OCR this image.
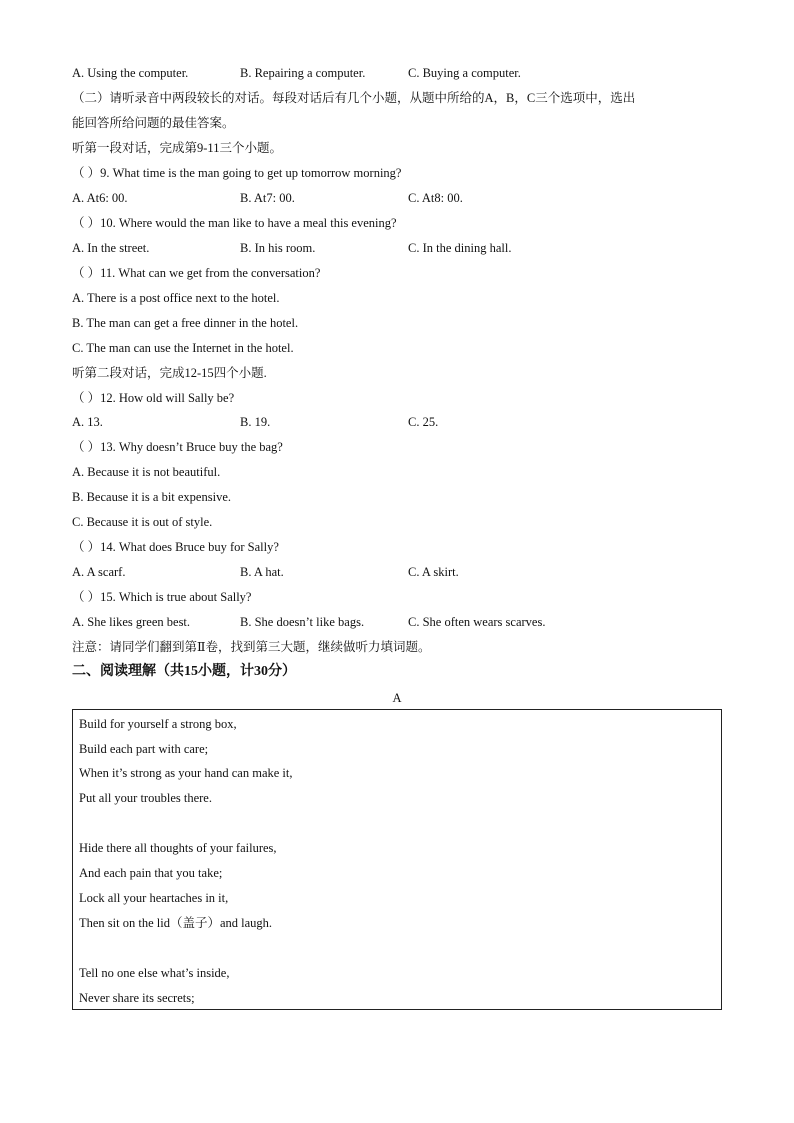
A. Using the computer.	B. Repairing a computer.	C. Buying a computer.
（二）请听录音中两段较长的对话。每段对话后有几个小题，从题中所给的A，B，C三个选项中，选出
能回答所给问题的最佳答案。
听第一段对话，完成第9-11三个小题。
（ ）9. What time is the man going to get up tomorrow morning?
A. At6: 00.	B. At7: 00.	C. At8: 00.
（ ）10. Where would the man like to have a meal this evening?
A. In the street.	B. In his room.	C. In the dining hall.
（ ）11. What can we get from the conversation?
A. There is a post office next to the hotel.
B. The man can get a free dinner in the hotel.
C. The man can use the Internet in the hotel.
听第二段对话，完成12-15四个小题.
（ ）12. How old will Sally be?
A. 13.	B. 19.	C. 25.
（ ）13. Why doesn’t Bruce buy the bag?
A. Because it is not beautiful.
B. Because it is a bit expensive.
C. Because it is out of style.
（ ）14. What does Bruce buy for Sally?
A. A scarf.	B. A hat.	C. A skirt.
（ ）15. Which is true about Sally?
A. She likes green best.	B. She doesn’t like bags.	C. She often wears scarves.
注意：请同学们翻到第Ⅱ卷，找到第三大题，继续做听力填词题。
二、阅读理解（共15小题，计30分）
A
Build for yourself a strong box,
Build each part with care;
When it’s strong as your hand can make it,
Put all your troubles there.
Hide there all thoughts of your failures,
And each pain that you take;
Lock all your heartaches in it,
Then sit on the lid（盖子）and laugh.
Tell no one else what’s inside,
Never share its secrets;
